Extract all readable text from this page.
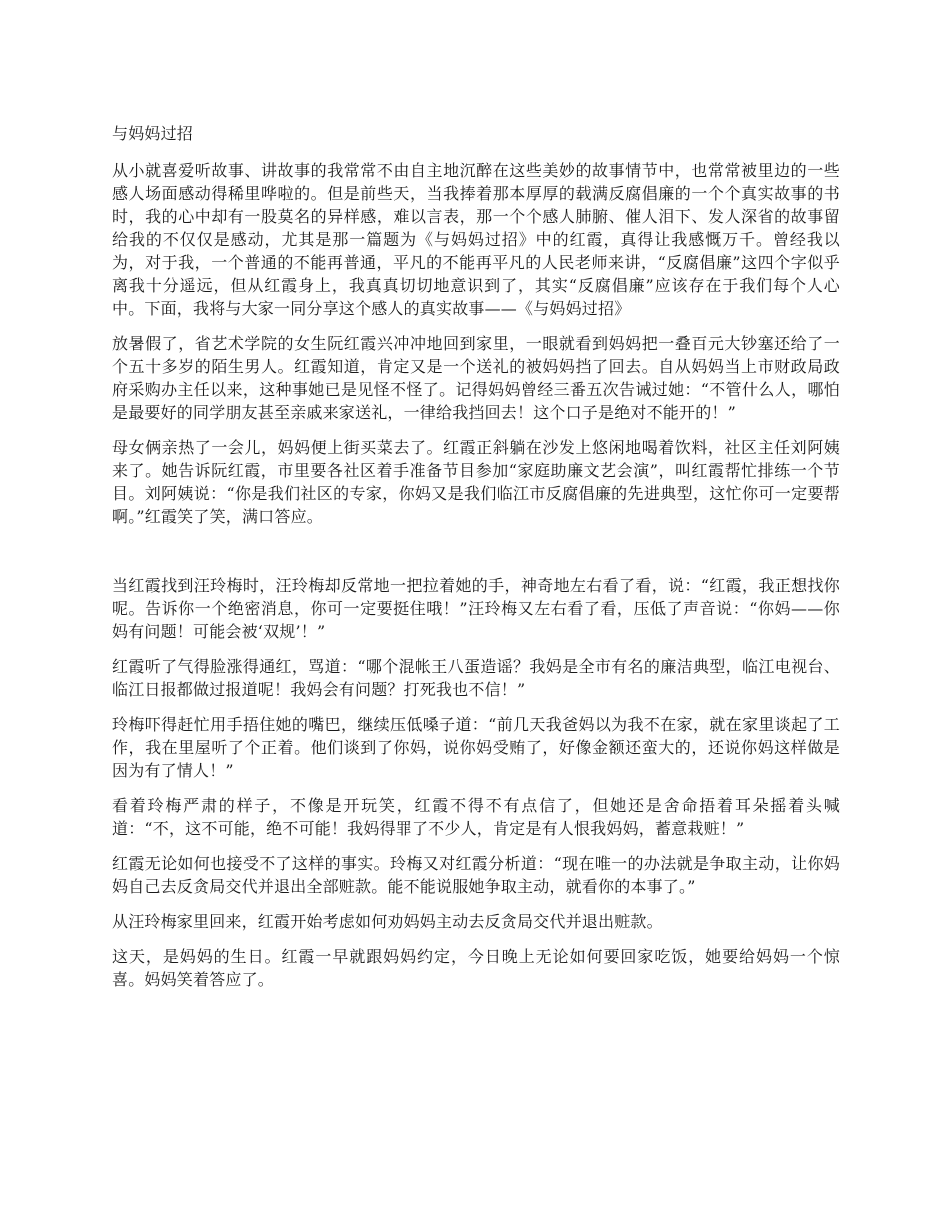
与妈妈过招

从小就喜爱听故事、讲故事的我常常不由自主地沉醉在这些美妙的故事情节中，也常常被里边的一些感人场面感动得稀里哗啦的。但是前些天，当我捧着那本厚厚的载满反腐倡廉的一个个真实故事的书时，我的心中却有一股莫名的异样感，难以言表，那一个个感人肺腑、催人泪下、发人深省的故事留给我的不仅仅是感动，尤其是那一篇题为《与妈妈过招》中的红霞，真得让我感慨万千。曾经我以为，对于我，一个普通的不能再普通，平凡的不能再平凡的人民老师来讲，“反腐倡廉”这四个字似乎离我十分遥远，但从红霞身上，我真真切切地意识到了，其实“反腐倡廉”应该存在于我们每个人心中。下面，我将与大家一同分享这个感人的真实故事——《与妈妈过招》

放暑假了，省艺术学院的女生阮红霞兴冲冲地回到家里，一眼就看到妈妈把一叠百元大钞塞还给了一个五十多岁的陌生男人。红霞知道，肯定又是一个送礼的被妈妈挡了回去。自从妈妈当上市财政局政府采购办主任以来，这种事她已是见怪不怪了。记得妈妈曾经三番五次告诫过她：“不管什么人，哪怕是最要好的同学朋友甚至亲戚来家送礼，一律给我挡回去！这个口子是绝对不能开的！”

母女俩亲热了一会儿，妈妈便上街买菜去了。红霞正斜躺在沙发上悠闲地喝着饮料，社区主任刘阿姨来了。她告诉阮红霞，市里要各社区着手准备节目参加“家庭助廉文艺会演”，叫红霞帮忙排练一个节目。刘阿姨说：“你是我们社区的专家，你妈又是我们临江市反腐倡廉的先进典型，这忙你可一定要帮啊。”红霞笑了笑，满口答应。

当红霞找到汪玲梅时，汪玲梅却反常地一把拉着她的手，神奇地左右看了看，说：“红霞，我正想找你呢。告诉你一个绝密消息，你可一定要挺住哦！”汪玲梅又左右看了看，压低了声音说：“你妈——你妈有问题！可能会被‘双规’！”

红霞听了气得脸涨得通红，骂道：“哪个混帐王八蛋造谣？我妈是全市有名的廉洁典型，临江电视台、临江日报都做过报道呢！我妈会有问题？打死我也不信！”

玲梅吓得赶忙用手捂住她的嘴巴，继续压低嗓子道：“前几天我爸妈以为我不在家，就在家里谈起了工作，我在里屋听了个正着。他们谈到了你妈，说你妈受贿了，好像金额还蛮大的，还说你妈这样做是因为有了情人！”

看着玲梅严肃的样子，不像是开玩笑，红霞不得不有点信了，但她还是舍命捂着耳朵摇着头喊道：“不，这不可能，绝不可能！我妈得罪了不少人，肯定是有人恨我妈妈，蓄意栽赃！”

红霞无论如何也接受不了这样的事实。玲梅又对红霞分析道：“现在唯一的办法就是争取主动，让你妈妈自己去反贪局交代并退出全部赃款。能不能说服她争取主动，就看你的本事了。”

从汪玲梅家里回来，红霞开始考虑如何劝妈妈主动去反贪局交代并退出赃款。

这天，是妈妈的生日。红霞一早就跟妈妈约定，今日晚上无论如何要回家吃饭，她要给妈妈一个惊喜。妈妈笑着答应了。
